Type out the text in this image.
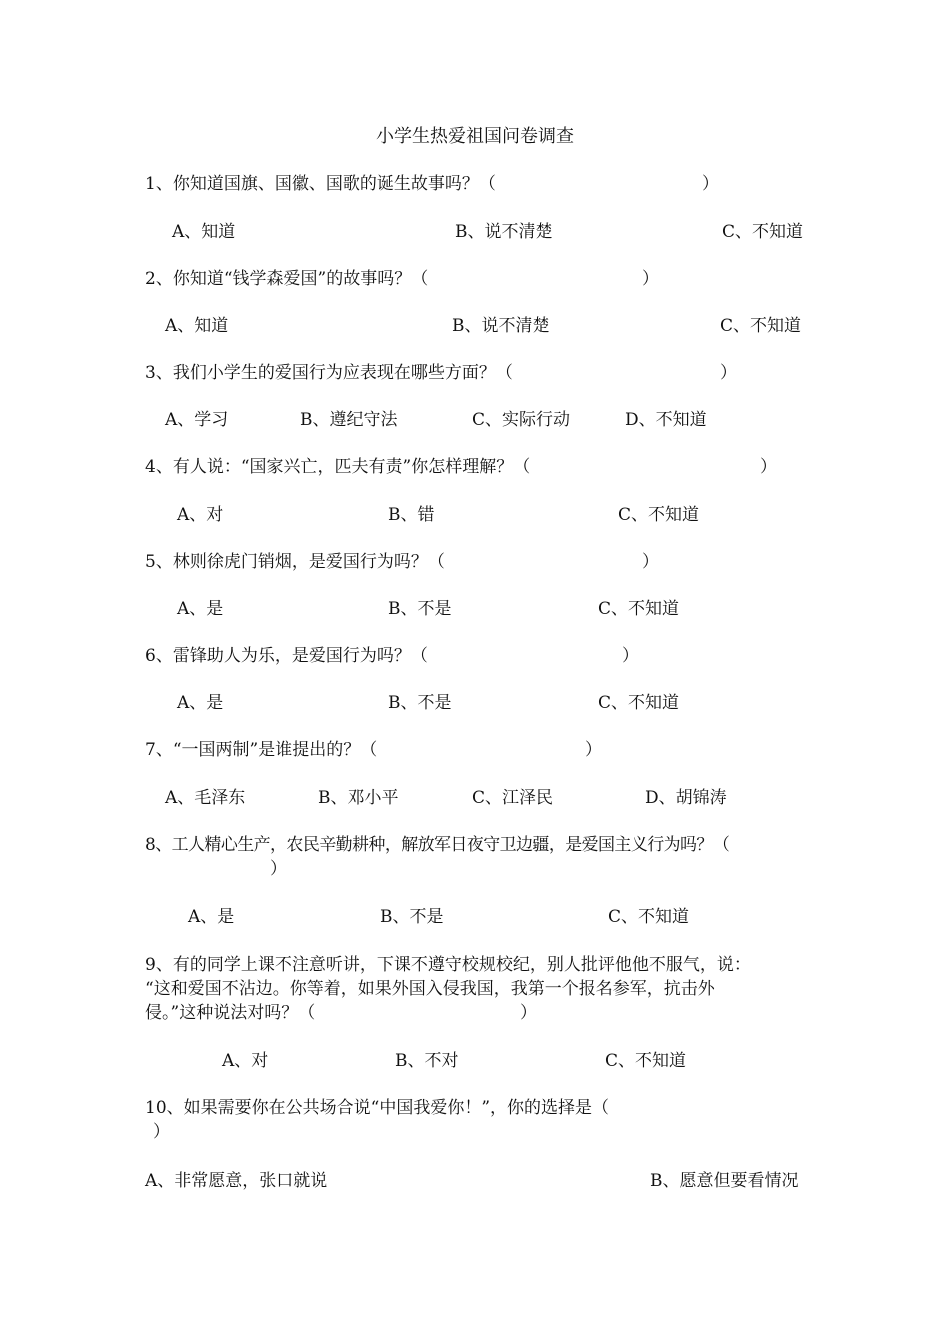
小学生热爱祖国问卷调查
1、你知道国旗、国徽、国歌的诞生故事吗？（	）
A、知道	B、说不清楚	C、不知道
2、你知道“钱学森爱国”的故事吗？（	）
A、知道	B、说不清楚	C、不知道
3、我们小学生的爱国行为应表现在哪些方面？（	）
A、学习	B、遵纪守法	C、实际行动	D、不知道
4、有人说：“国家兴亡，匹夫有责”你怎样理解？（	）
A、对	B、错	C、不知道
5、林则徐虎门销烟，是爱国行为吗？（	）
A、是	B、不是	C、不知道
6、雷锋助人为乐，是爱国行为吗？（	）
A、是	B、不是	C、不知道
7、“一国两制”是谁提出的？（	）
A、毛泽东	B、邓小平	C、江泽民	D、胡锦涛
8、工人精心生产，农民辛勤耕种，解放军日夜守卫边疆，是爱国主义行为吗？（
）
A、是	B、不是	C、不知道
9、有的同学上课不注意听讲，下课不遵守校规校纪，别人批评他他不服气，说：
“这和爱国不沾边。你等着，如果外国入侵我国，我第一个报名参军，抗击外
侵。”这种说法对吗？（	）
A、对	B、不对	C、不知道
10、如果需要你在公共场合说“中国我爱你！”，你的选择是（
）
A、非常愿意，张口就说	B、愿意但要看情况
